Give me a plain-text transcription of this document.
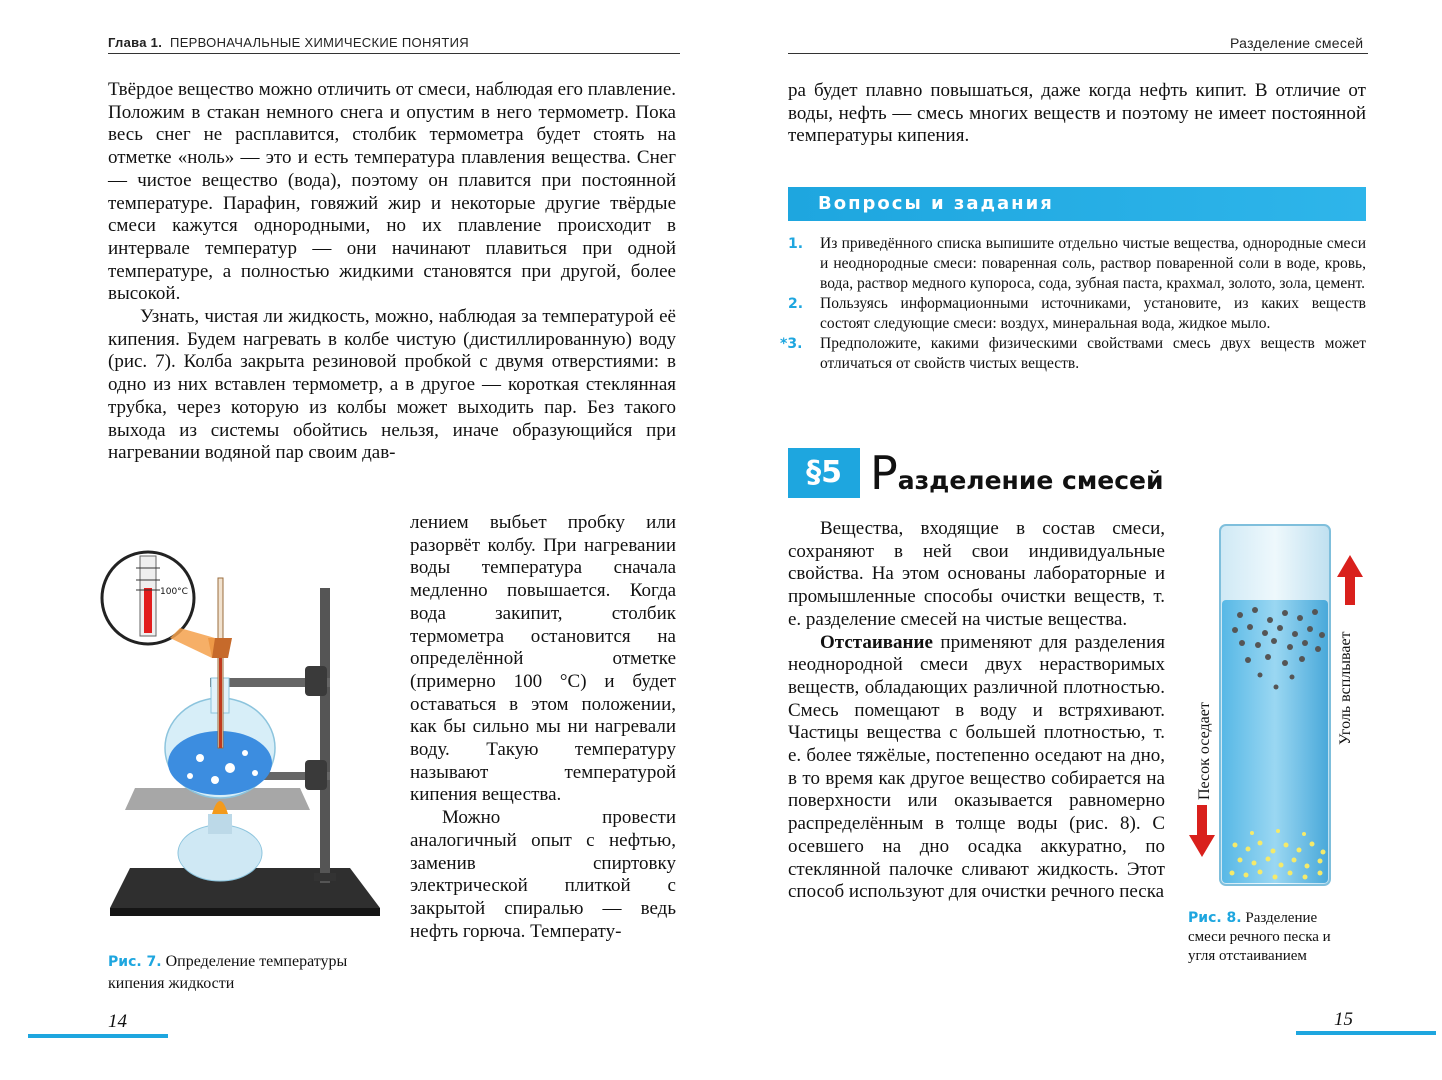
Глава 1. ПЕРВОНАЧАЛЬНЫЕ ХИМИЧЕСКИЕ ПОНЯТИЯ

Твёрдое вещество можно отличить от смеси, наблюдая его плавление. Положим в стакан немного снега и опустим в него термометр. Пока весь снег не расплавится, столбик термометра будет стоять на отметке «ноль» — это и есть температура плавления вещества. Снег — чистое вещество (вода), поэтому он плавится при постоянной температуре. Парафин, говяжий жир и некоторые другие твёрдые смеси кажутся однородными, но их плавление происходит в интервале температур — они начинают плавиться при одной температуре, а полностью жидкими становятся при другой, более высокой.

Узнать, чистая ли жидкость, можно, наблюдая за температурой её кипения. Будем нагревать в колбе чистую (дистиллированную) воду (рис. 7). Колба закрыта резиновой пробкой с двумя отверстиями: в одно из них вставлен термометр, а в другое — короткая стеклянная трубка, через которую из колбы может выходить пар. Без такого выхода из системы обойтись нельзя, иначе образующийся при нагревании водяной пар своим дав-

лением выбьет пробку или разорвёт колбу. При нагревании воды температура сначала медленно повышается. Когда вода закипит, столбик термометра остановится на определённой отметке (примерно 100 °С) и будет оставаться в этом положении, как бы сильно мы ни нагревали воду. Такую температуру называют температурой кипения вещества.

Можно провести аналогичный опыт с нефтью, заменив спиртовку электрической плиткой с закрытой спиралью — ведь нефть горюча. Температу-

100°C
Рис. 7. Определение температуры кипения жидкости
14
Разделение смесей

ра будет плавно повышаться, даже когда нефть кипит. В отличие от воды, нефть — смесь многих веществ и поэтому не имеет постоянной температуры кипения.

Вопросы и задания
1. Из приведённого списка выпишите отдельно чистые вещества, однородные смеси и неоднородные смеси: поваренная соль, раствор поваренной соли в воде, кровь, вода, раствор медного купороса, сода, зубная паста, крахмал, золото, зола, цемент.
2. Пользуясь информационными источниками, установите, из каких веществ состоят следующие смеси: воздух, минеральная вода, жидкое мыло.
*3. Предположите, какими физическими свойствами смесь двух веществ может отличаться от свойств чистых веществ.
§5 Разделение смесей

Вещества, входящие в состав смеси, сохраняют в ней свои индивидуальные свойства. На этом основаны лабораторные и промышленные способы очистки веществ, т. е. разделение смесей на чистые вещества.

Отстаивание применяют для разделения неоднородной смеси двух нерастворимых веществ, обладающих различной плотностью. Смесь помещают в воду и встряхивают. Частицы вещества с большей плотностью, т. е. более тяжёлые, постепенно оседают на дно, в то время как другое вещество собирается на поверхности или оказывается равномерно распределённым в толще воды (рис. 8). С осевшего на дно осадка аккуратно, по стеклянной палочке сливают жидкость. Этот способ используют для очистки речного песка

Уголь всплывает
Песок оседает
Рис. 8. Разделение смеси речного песка и угля отстаиванием
15
